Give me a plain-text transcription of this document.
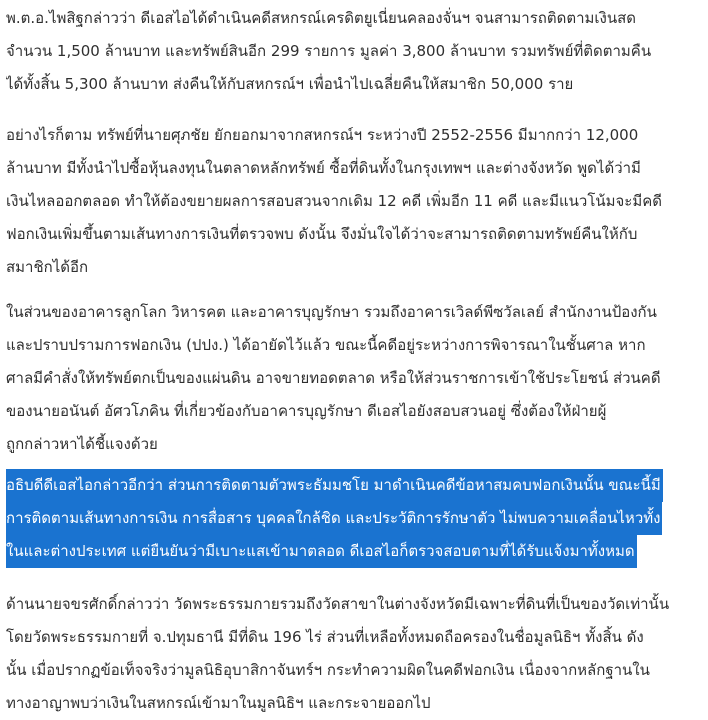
พ.ต.อ.ไพสิฐกล่าวว่า ดีเอสไอได้ดำเนินคดีสหกรณ์เครดิตยูเนี่ยนคลองจั่นฯ จนสามารถติดตามเงินสด
จำนวน 1,500 ล้านบาท และทรัพย์สินอีก 299 รายการ มูลค่า 3,800 ล้านบาท รวมทรัพย์ที่ติดตามคืน
ได้ทั้งสิ้น 5,300 ล้านบาท ส่งคืนให้กับสหกรณ์ฯ เพื่อนำไปเฉลี่ยคืนให้สมาชิก 50,000 ราย
อย่างไรก็ตาม ทรัพย์ที่นายศุภชัย ยักยอกมาจากสหกรณ์ฯ ระหว่างปี 2552-2556 มีมากกว่า 12,000
ล้านบาท มีทั้งนำไปซื้อหุ้นลงทุนในตลาดหลักทรัพย์ ซื้อที่ดินทั้งในกรุงเทพฯ และต่างจังหวัด พูดได้ว่ามี
เงินไหลออกตลอด ทำให้ต้องขยายผลการสอบสวนจากเดิม 12 คดี เพิ่มอีก 11 คดี และมีแนวโน้มจะมีคดี
ฟอกเงินเพิ่มขึ้นตามเส้นทางการเงินที่ตรวจพบ ดังนั้น จึงมั่นใจได้ว่าจะสามารถติดตามทรัพย์คืนให้กับ
สมาชิกได้อีก
ในส่วนของอาคารลูกโลก วิหารคต และอาคารบุญรักษา รวมถึงอาคารเวิลด์พีซวัลเลย์ สำนักงานป้องกัน
และปราบปรามการฟอกเงิน (ปปง.) ได้อายัดไว้แล้ว ขณะนี้คดีอยู่ระหว่างการพิจารณาในชั้นศาล หาก
ศาลมีคำสั่งให้ทรัพย์ตกเป็นของแผ่นดิน อาจขายทอดตลาด หรือให้ส่วนราชการเข้าใช้ประโยชน์ ส่วนคดี
ของนายอนันต์ อัศวโภคิน ที่เกี่ยวข้องกับอาคารบุญรักษา ดีเอสไอยังสอบสวนอยู่ ซึ่งต้องให้ฝ่ายผู้
ถูกกล่าวหาได้ชี้แจงด้วย
อธิบดีดีเอสไอกล่าวอีกว่า ส่วนการติดตามตัวพระธัมมชโย มาดำเนินคดีข้อหาสมคบฟอกเงินนั้น ขณะนี้มี
การติดตามเส้นทางการเงิน การสื่อสาร บุคคลใกล้ชิด และประวัติการรักษาตัว ไม่พบความเคลื่อนไหวทั้ง
ในและต่างประเทศ แต่ยืนยันว่ามีเบาะแสเข้ามาตลอด ดีเอสไอก็ตรวจสอบตามที่ได้รับแจ้งมาทั้งหมด
ด้านนายจขรศักดิ์กล่าวว่า วัดพระธรรมกายรวมถึงวัดสาขาในต่างจังหวัดมีเฉพาะที่ดินที่เป็นของวัดเท่านั้น
โดยวัดพระธรรมกายที่ จ.ปทุมธานี มีที่ดิน 196 ไร่ ส่วนที่เหลือทั้งหมดถือครองในชื่อมูลนิธิฯ ทั้งสิ้น ดัง
นั้น เมื่อปรากฏข้อเท็จจริงว่ามูลนิธิอุบาสิกาจันทร์ฯ กระทำความผิดในคดีฟอกเงิน เนื่องจากหลักฐานใน
ทางอาญาพบว่าเงินในสหกรณ์เข้ามาในมูลนิธิฯ และกระจายออกไป
